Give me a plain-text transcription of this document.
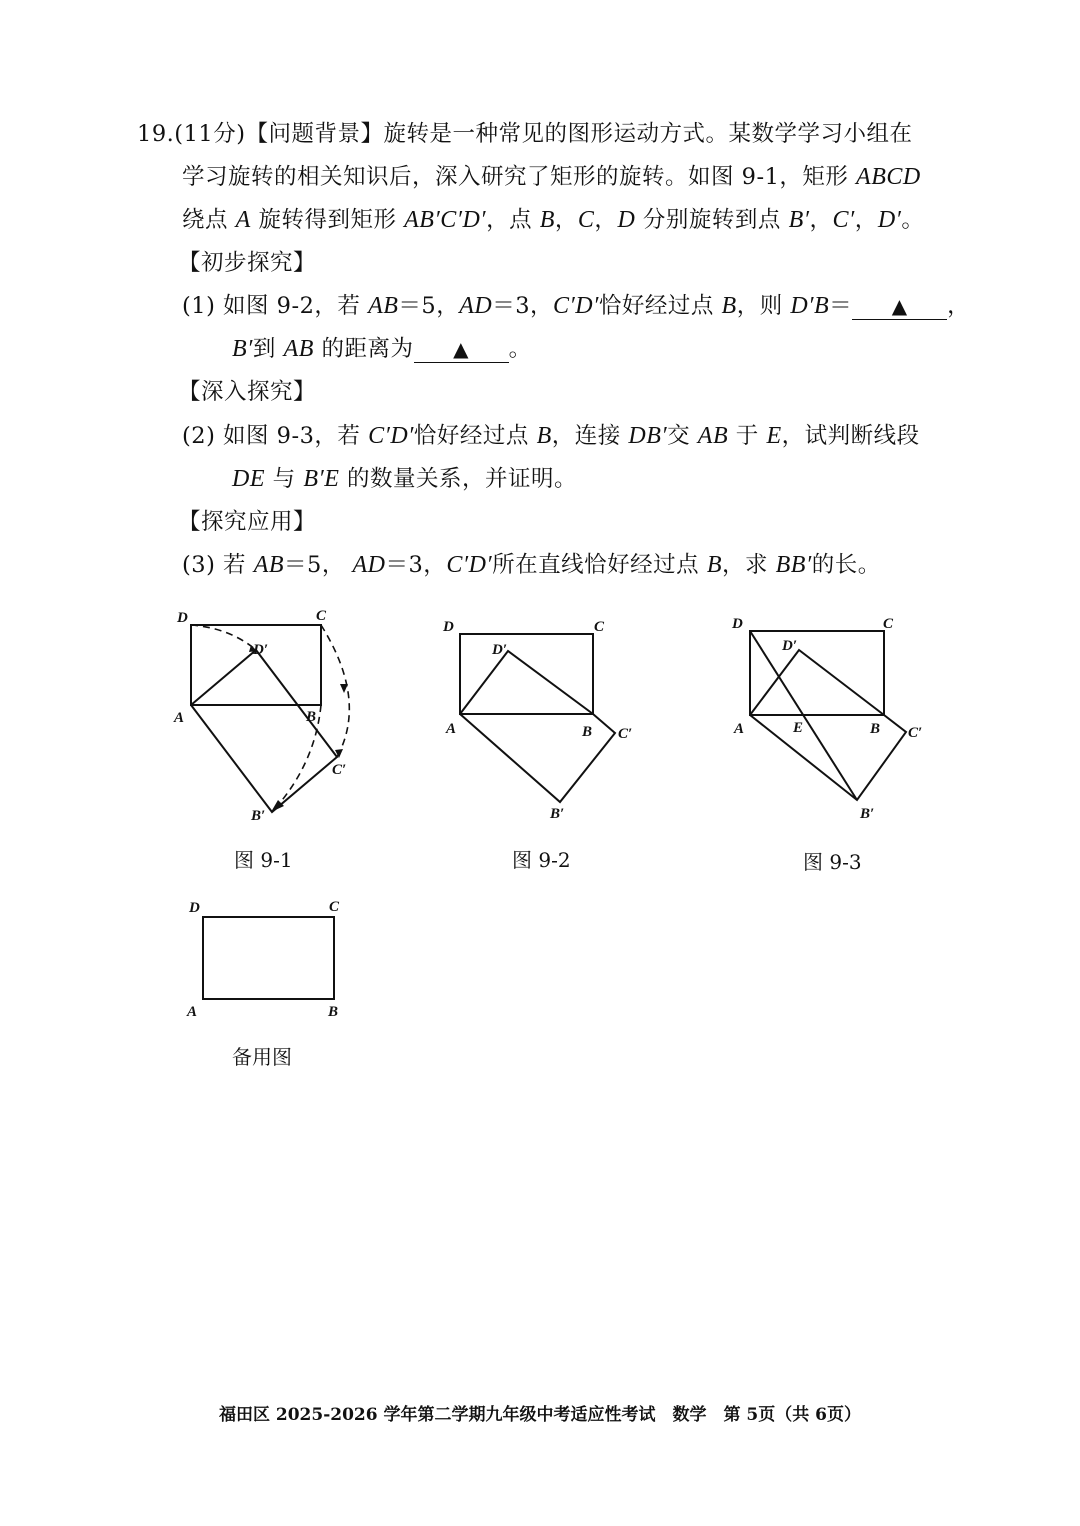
19.(11分)【问题背景】旋转是一种常见的图形运动方式。某数学学习小组在
学习旋转的相关知识后，深入研究了矩形的旋转。如图 9-1，矩形 ABCD
绕点 A 旋转得到矩形 AB′C′D′，点 B，C，D 分别旋转到点 B′，C′，D′。
【初步探究】
(1) 如图 9-2，若 AB＝5，AD＝3，C′D′恰好经过点 B，则 D′B＝ ▲ ，
B′到 AB 的距离为 ▲ 。
【深入探究】
(2) 如图 9-3，若 C′D′恰好经过点 B，连接 DB′交 AB 于 E，试判断线段
DE 与 B′E 的数量关系，并证明。
【探究应用】
(3) 若 AB＝5， AD＝3，C′D′所在直线恰好经过点 B，求 BB′的长。
D	C
D′
A	B
C′
B′
D	C
D′
A	B C′
B′
D	C
D′
A	E	B C′
B′
D	C
A	B
图 9-1	图 9-2	图 9-3
备用图
福田区 2025-2026 学年第二学期九年级中考适应性考试　数学　第 5页（共 6页）
